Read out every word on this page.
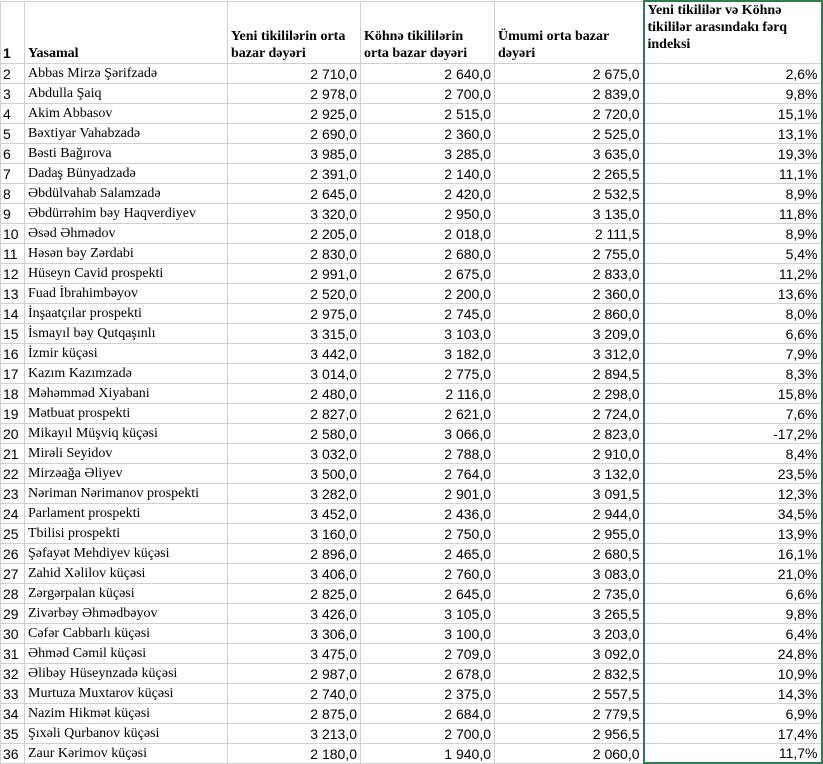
1	Yasamal	Yeni tikililərin orta bazar dəyəri	Köhnə tikililərin orta bazar dəyəri	Ümumi orta bazar dəyəri	Yeni tikililər və Köhnə tikililər arasındakı fərq indeksi
2	Abbas Mirzə Şərifzadə	2 710,0	2 640,0	2 675,0	2,6%
3	Abdulla Şaiq	2 978,0	2 700,0	2 839,0	9,8%
4	Akim Abbasov	2 925,0	2 515,0	2 720,0	15,1%
5	Bəxtiyar Vahabzadə	2 690,0	2 360,0	2 525,0	13,1%
6	Bəsti Bağırova	3 985,0	3 285,0	3 635,0	19,3%
7	Dadaş Bünyadzadə	2 391,0	2 140,0	2 265,5	11,1%
8	Əbdülvahab Salamzadə	2 645,0	2 420,0	2 532,5	8,9%
9	Əbdürrəhim bəy Haqverdiyev	3 320,0	2 950,0	3 135,0	11,8%
10	Əsəd Əhmədov	2 205,0	2 018,0	2 111,5	8,9%
11	Həsən bəy Zərdabi	2 830,0	2 680,0	2 755,0	5,4%
12	Hüseyn Cavid prospekti	2 991,0	2 675,0	2 833,0	11,2%
13	Fuad İbrahimbəyov	2 520,0	2 200,0	2 360,0	13,6%
14	İnşaatçılar prospekti	2 975,0	2 745,0	2 860,0	8,0%
15	İsmayıl bəy Qutqaşınlı	3 315,0	3 103,0	3 209,0	6,6%
16	İzmir küçəsi	3 442,0	3 182,0	3 312,0	7,9%
17	Kazım Kazımzadə	3 014,0	2 775,0	2 894,5	8,3%
18	Məhəmməd Xiyabani	2 480,0	2 116,0	2 298,0	15,8%
19	Mətbuat prospekti	2 827,0	2 621,0	2 724,0	7,6%
20	Mikayıl Müşviq küçəsi	2 580,0	3 066,0	2 823,0	-17,2%
21	Mirəli Seyidov	3 032,0	2 788,0	2 910,0	8,4%
22	Mirzəağa Əliyev	3 500,0	2 764,0	3 132,0	23,5%
23	Nəriman Nərimanov prospekti	3 282,0	2 901,0	3 091,5	12,3%
24	Parlament prospekti	3 452,0	2 436,0	2 944,0	34,5%
25	Tbilisi prospekti	3 160,0	2 750,0	2 955,0	13,9%
26	Şəfayət Mehdiyev küçəsi	2 896,0	2 465,0	2 680,5	16,1%
27	Zahid Xəlilov küçəsi	3 406,0	2 760,0	3 083,0	21,0%
28	Zərgərpalan küçəsi	2 825,0	2 645,0	2 735,0	6,6%
29	Zivərbəy Əhmədbəyov	3 426,0	3 105,0	3 265,5	9,8%
30	Cəfər Cabbarlı küçəsi	3 306,0	3 100,0	3 203,0	6,4%
31	Əhməd Cəmil küçəsi	3 475,0	2 709,0	3 092,0	24,8%
32	Əlibəy Hüseynzadə küçəsi	2 987,0	2 678,0	2 832,5	10,9%
33	Murtuza Muxtarov küçəsi	2 740,0	2 375,0	2 557,5	14,3%
34	Nazim Hikmət küçəsi	2 875,0	2 684,0	2 779,5	6,9%
35	Şıxəli Qurbanov küçəsi	3 213,0	2 700,0	2 956,5	17,4%
36	Zaur Kərimov küçəsi	2 180,0	1 940,0	2 060,0	11,7%
